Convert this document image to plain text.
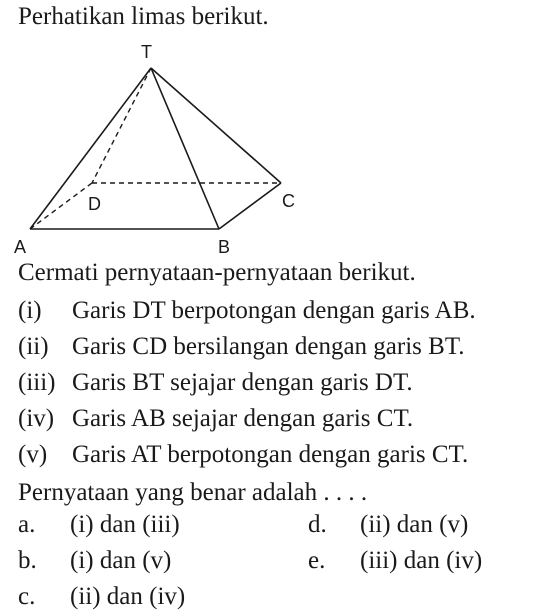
Perhatikan limas berikut.
T
D	C
A	B
Cermati pernyataan-pernyataan berikut.
(i) Garis DT berpotongan dengan garis AB.
(ii) Garis CD bersilangan dengan garis BT.
(iii) Garis BT sejajar dengan garis DT.
(iv) Garis AB sejajar dengan garis CT.
(v) Garis AT berpotongan dengan garis CT.
Pernyataan yang benar adalah . . . .
a. (i) dan (iii)
b. (i) dan (v)
c. (ii) dan (iv)
d. (ii) dan (v)
e. (iii) dan (iv)
